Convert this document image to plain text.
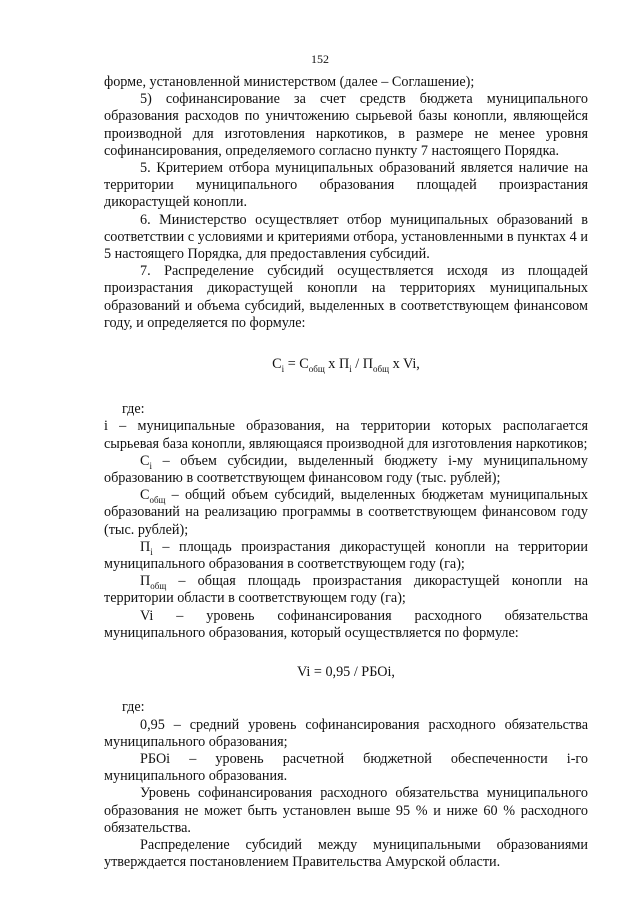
152

форме, установленной министерством (далее – Соглашение);

5) софинансирование за счет средств бюджета муниципального образования расходов по уничтожению сырьевой базы конопли, являющейся производной для изготовления наркотиков, в размере не менее уровня софинансирования, определяемого согласно пункту 7 настоящего Порядка.

5. Критерием отбора муниципальных образований является наличие на территории муниципального образования площадей произрастания дикорастущей конопли.

6. Министерство осуществляет отбор муниципальных образований в соответствии с условиями и критериями отбора, установленными в пунктах 4 и 5 настоящего Порядка, для предоставления субсидий.

7. Распределение субсидий осуществляется исходя из площадей произрастания дикорастущей конопли на территориях муниципальных образований и объема субсидий, выделенных в соответствующем финансовом году, и определяется по формуле:

$C_i = C_{общ}$ x $П_i / П_{общ}$ x Vi,

где:

i – муниципальные образования, на территории которых располагается сырьевая база конопли, являющаяся производной для изготовления наркотиков;

$C_i$ – объем субсидии, выделенный бюджету i-му муниципальному образованию в соответствующем финансовом году (тыс. рублей);

$C_{общ}$ – общий объем субсидий, выделенных бюджетам муниципальных образований на реализацию программы в соответствующем финансовом году (тыс. рублей);

$П_i$ – площадь произрастания дикорастущей конопли на территории муниципального образования в соответствующем году (га);

$П_{общ}$ – общая площадь произрастания дикорастущей конопли на территории области в соответствующем году (га);

Vi – уровень софинансирования расходного обязательства муниципального образования, который осуществляется по формуле:

Vi = 0,95 / РБОi,

где:

0,95 – средний уровень софинансирования расходного обязательства муниципального образования;

РБОi – уровень расчетной бюджетной обеспеченности i-го муниципального образования.

Уровень софинансирования расходного обязательства муниципального образования не может быть установлен выше 95 % и ниже 60 % расходного обязательства.

Распределение субсидий между муниципальными образованиями утверждается постановлением Правительства Амурской области.
